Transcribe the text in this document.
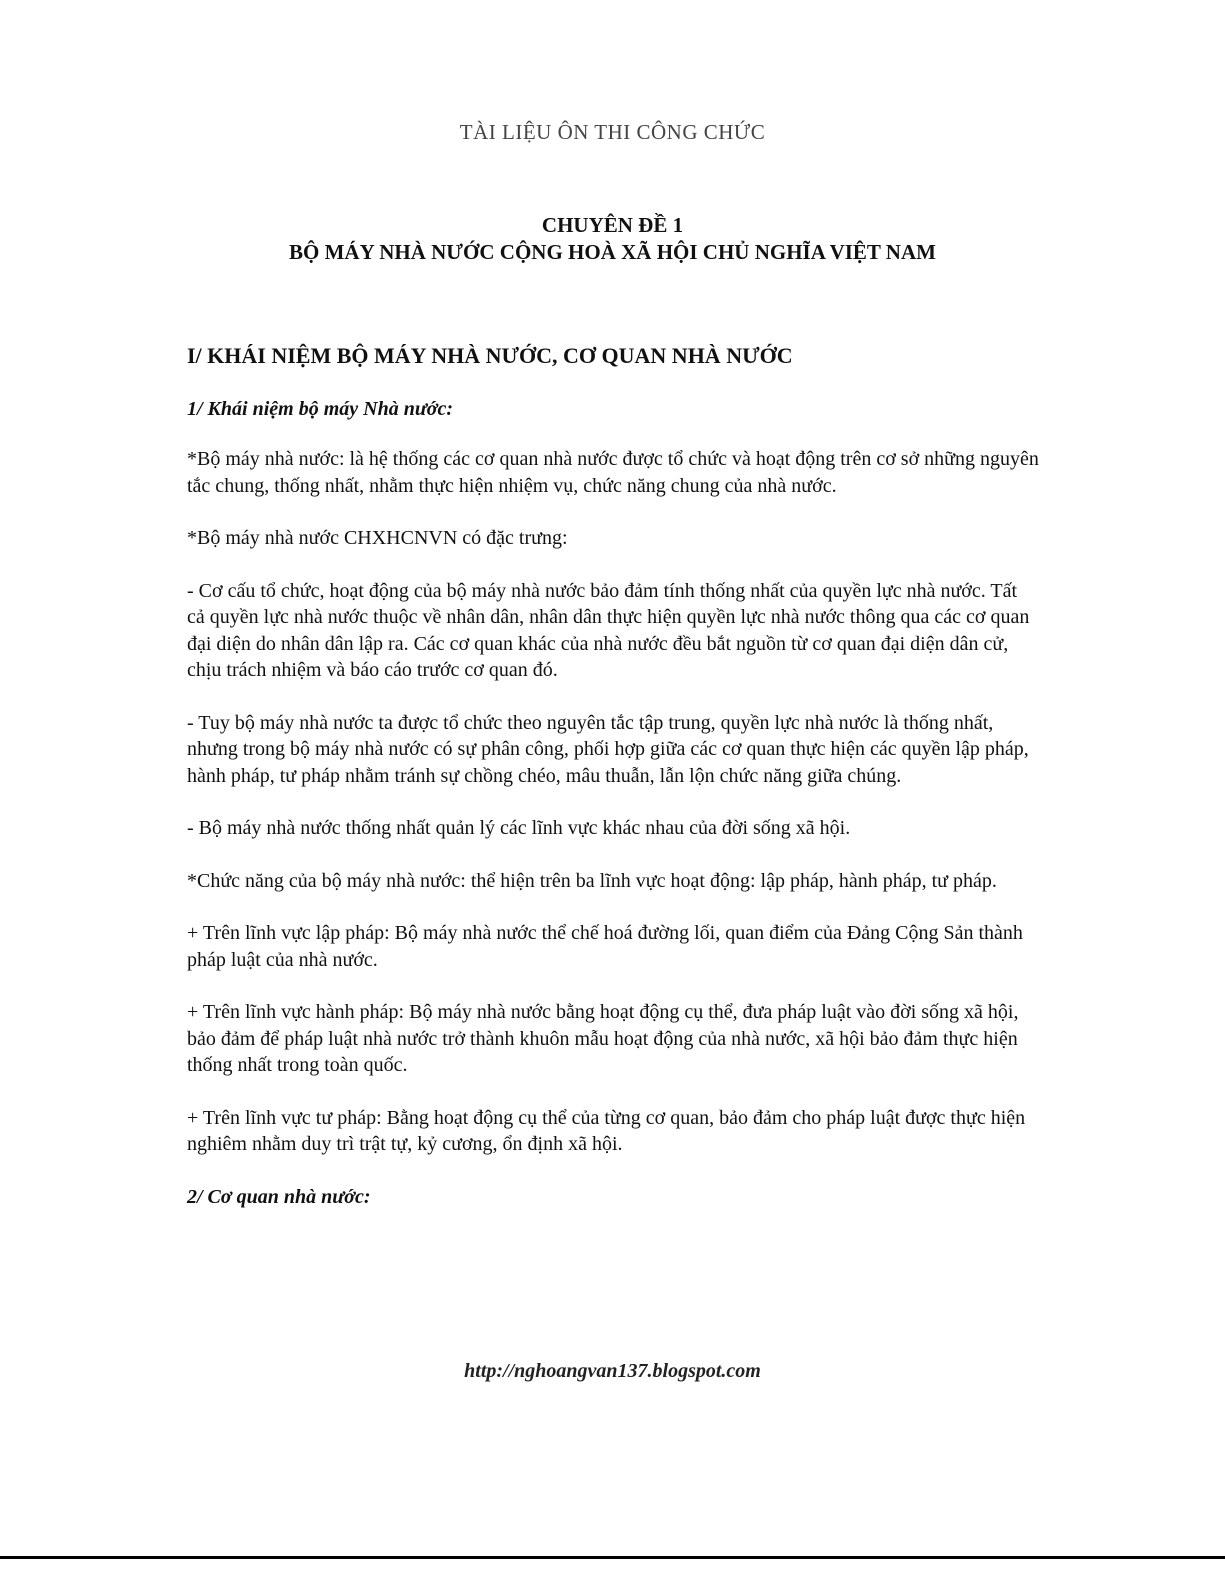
TÀI LIỆU ÔN THI CÔNG CHỨC
CHUYÊN ĐỀ 1
BỘ MÁY NHÀ NƯỚC CỘNG HOÀ XÃ HỘI CHỦ NGHĨA VIỆT NAM
I/ KHÁI NIỆM BỘ MÁY NHÀ NƯỚC, CƠ QUAN NHÀ NƯỚC
1/ Khái niệm bộ máy Nhà nước:
*Bộ máy nhà nước: là hệ thống các cơ quan nhà nước được tổ chức và hoạt động trên cơ sở những nguyên tắc chung, thống nhất, nhằm thực hiện nhiệm vụ, chức năng chung của nhà nước.
*Bộ máy nhà nước CHXHCNVN có đặc trưng:
- Cơ cấu tổ chức, hoạt động của bộ máy nhà nước bảo đảm tính thống nhất của quyền lực nhà nước. Tất cả quyền lực nhà nước thuộc về nhân dân, nhân dân thực hiện quyền lực nhà nước thông qua các cơ quan đại diện do nhân dân lập ra. Các cơ quan khác của nhà nước đều bắt nguồn từ cơ quan đại diện dân cử, chịu trách nhiệm và báo cáo trước cơ quan đó.
- Tuy bộ máy nhà nước ta được tổ chức theo nguyên tắc tập trung, quyền lực nhà nước là thống nhất, nhưng trong bộ máy nhà nước có sự phân công, phối hợp giữa các cơ quan thực hiện các quyền lập pháp, hành pháp, tư pháp nhằm tránh sự chồng chéo, mâu thuẫn, lẫn lộn chức năng giữa chúng.
- Bộ máy nhà nước thống nhất quản lý các lĩnh vực khác nhau của đời sống xã hội.
*Chức năng của bộ máy nhà nước: thể hiện trên ba lĩnh vực hoạt động: lập pháp, hành pháp, tư pháp.
+ Trên lĩnh vực lập pháp: Bộ máy nhà nước thể chế hoá đường lối, quan điểm của Đảng Cộng Sản thành pháp luật của nhà nước.
+ Trên lĩnh vực hành pháp: Bộ máy nhà nước bằng hoạt động cụ thể, đưa pháp luật vào đời sống xã hội, bảo đảm để pháp luật nhà nước trở thành khuôn mẫu hoạt động của nhà nước, xã hội bảo đảm thực hiện thống nhất trong toàn quốc.
+ Trên lĩnh vực tư pháp: Bằng hoạt động cụ thể của từng cơ quan, bảo đảm cho pháp luật được thực hiện nghiêm nhằm duy trì trật tự, kỷ cương, ổn định xã hội.
2/ Cơ quan nhà nước:
http://nghoangvan137.blogspot.com
